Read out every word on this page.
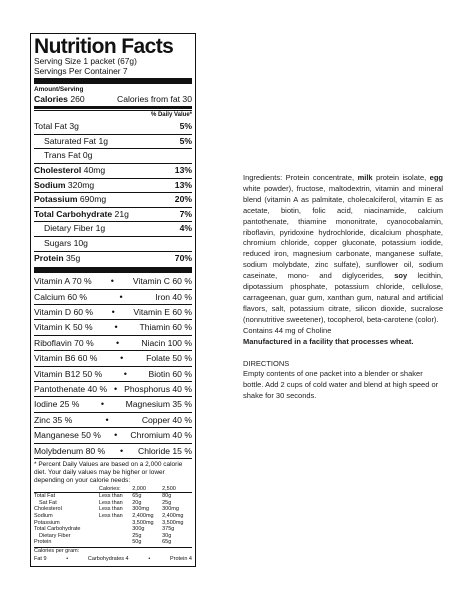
Nutrition Facts
Serving Size 1 packet (67g)
Servings Per Container 7
Amount/Serving
Calories 260	Calories from fat 30
% Daily Value*
Total Fat 3g	5%
Saturated Fat 1g	5%
Trans Fat 0g
Cholesterol 40mg	13%
Sodium 320mg	13%
Potassium 690mg	20%
Total Carbohydrate 21g	7%
Dietary Fiber 1g	4%
Sugars 10g
Protein 35g	70%
Vitamin A 70 % • Vitamin C 60 %
Calcium 60 %	•	Iron 40 %
Vitamin D 60 % • Vitamin E 60 %
Vitamin K 50 % •	Thiamin 60 %
Riboflavin 70 % •	Niacin 100 %
Vitamin B6 60 %	•	Folate 50 %
Vitamin B12 50 % •	Biotin 60 %
Pantothenate 40 % • Phosphorus 40 %
Iodine 25 % •	Magnesium 35 %
Zinc 35 %	•	Copper 40 %
Manganese 50 % • Chromium 40 %
Molybdenum 80 % • Chloride 15 %
* Percent Daily Values are based on a 2,000 calorie diet. Your daily values may be higher or lower depending on your calorie needs:
	Calories:	2,000	2,500
Total Fat	Less than	65g	80g
Sat Fat	Less than	20g	25g
Cholesterol	Less than	300mg	300mg
Sodium	Less than	2,400mg	2,400mg
Potassium		3,500mg	3,500mg
Total Carbohydrate		300g	375g
Dietary Fiber		25g	30g
Protein		50g	65g
Calories per gram:
Fat 9	•	Carbohydrates 4	•	Protein 4

Ingredients: Protein concentrate, milk protein isolate, egg white powder), fructose, maltodextrin, vitamin and mineral blend (vitamin A as palmitate, cholecalciferol, vitamin E as acetate, biotin, folic acid, niacinamide, calcium pantothenate, thiamine mononitrate, cyanocobalamin, riboflavin, pyridoxine hydrochloride, dicalcium phosphate, chromium chloride, copper gluconate, potassium iodide, reduced iron, magnesium carbonate, manganese sulfate, sodium molybdate, zinc sulfate), sunflower oil, sodium caseinate, mono- and diglycerides, soy lecithin, dipotassium phosphate, potassium chloride, cellulose, carrageenan, guar gum, xanthan gum, natural and artificial flavors, salt, potassium citrate, silicon dioxide, sucralose (nonnutritive sweetener), tocopherol, beta-carotene (color).

Contains 44 mg of Choline

Manufactured in a facility that processes wheat.

DIRECTIONS

Empty contents of one packet into a blender or shaker bottle. Add 2 cups of cold water and blend at high speed or shake for 30 seconds.
